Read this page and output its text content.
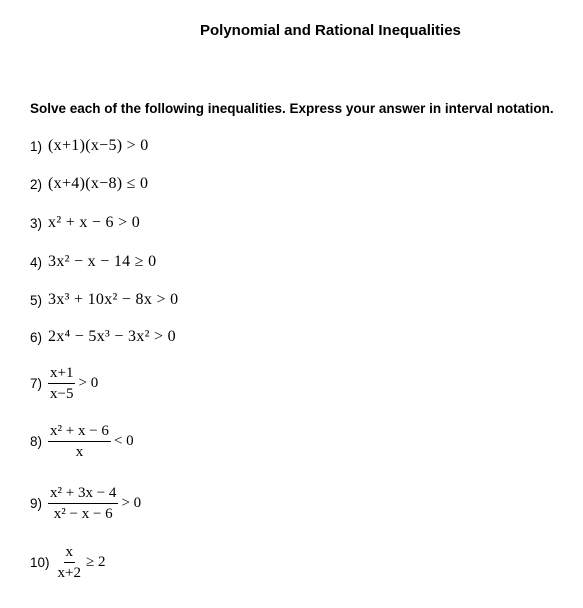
Polynomial and Rational Inequalities
Solve each of the following inequalities. Express your answer in interval notation.
1) (x+1)(x−5) > 0
2) (x+4)(x−8) ≤ 0
3) x² + x − 6 > 0
4) 3x² − x − 14 ≥ 0
5) 3x³ + 10x² − 8x > 0
6) 2x⁴ − 5x³ − 3x² > 0
$7) \frac{x+1}{x-5} > 0$
$8) \frac{\text{x² + x − 6}}{x} < 0$
$9) \frac{\text{x² + 3x − 4}}{\text{x² − x − 6}} > 0$
$10) \frac{x}{x+2} \ge 2$
